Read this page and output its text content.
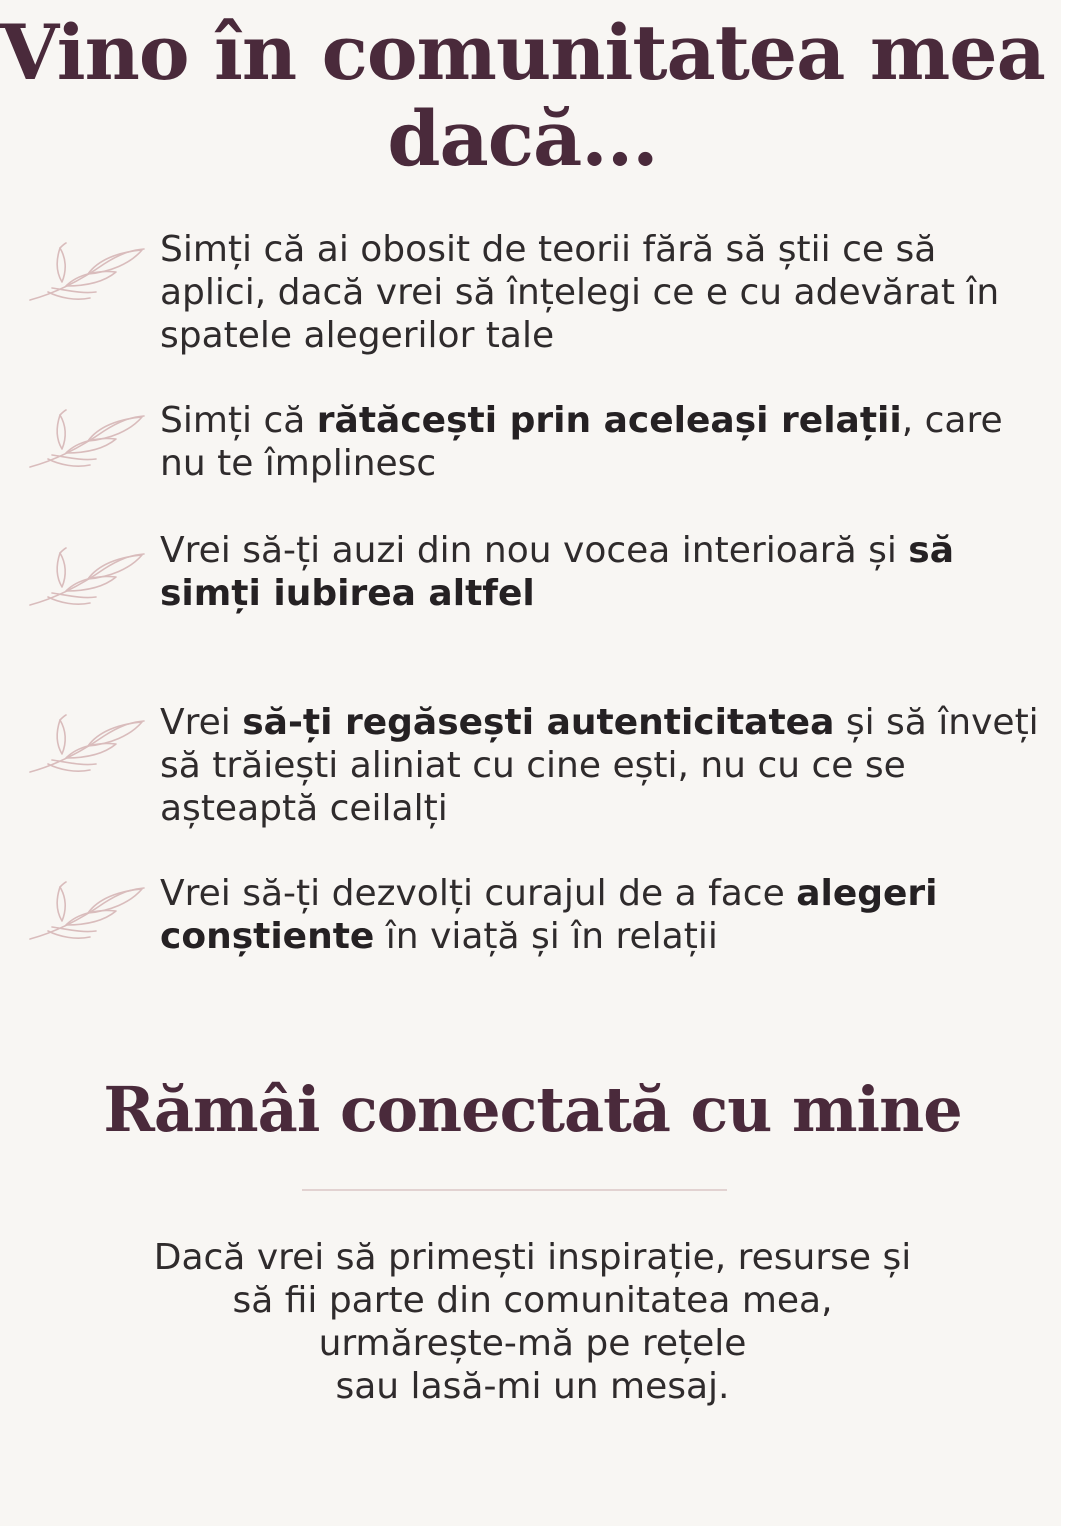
Vino în comunitatea mea dacă...
Simți că ai obosit de teorii fără să știi ce să aplici, dacă vrei să înțelegi ce e cu adevărat în spatele alegerilor tale
Simți că rătăcești prin aceleași relații, care nu te împlinesc
Vrei să-ți auzi din nou vocea interioară și să simți iubirea altfel
Vrei să-ți regăsești autenticitatea și să înveți să trăiești aliniat cu cine ești, nu cu ce se așteaptă ceilalți
Vrei să-ți dezvolți curajul de a face alegeri conștiente în viață și în relații
Rămâi conectată cu mine
Dacă vrei să primești inspirație, resurse și
să fii parte din comunitatea mea,
urmărește-mă pe rețele
sau lasă-mi un mesaj.
